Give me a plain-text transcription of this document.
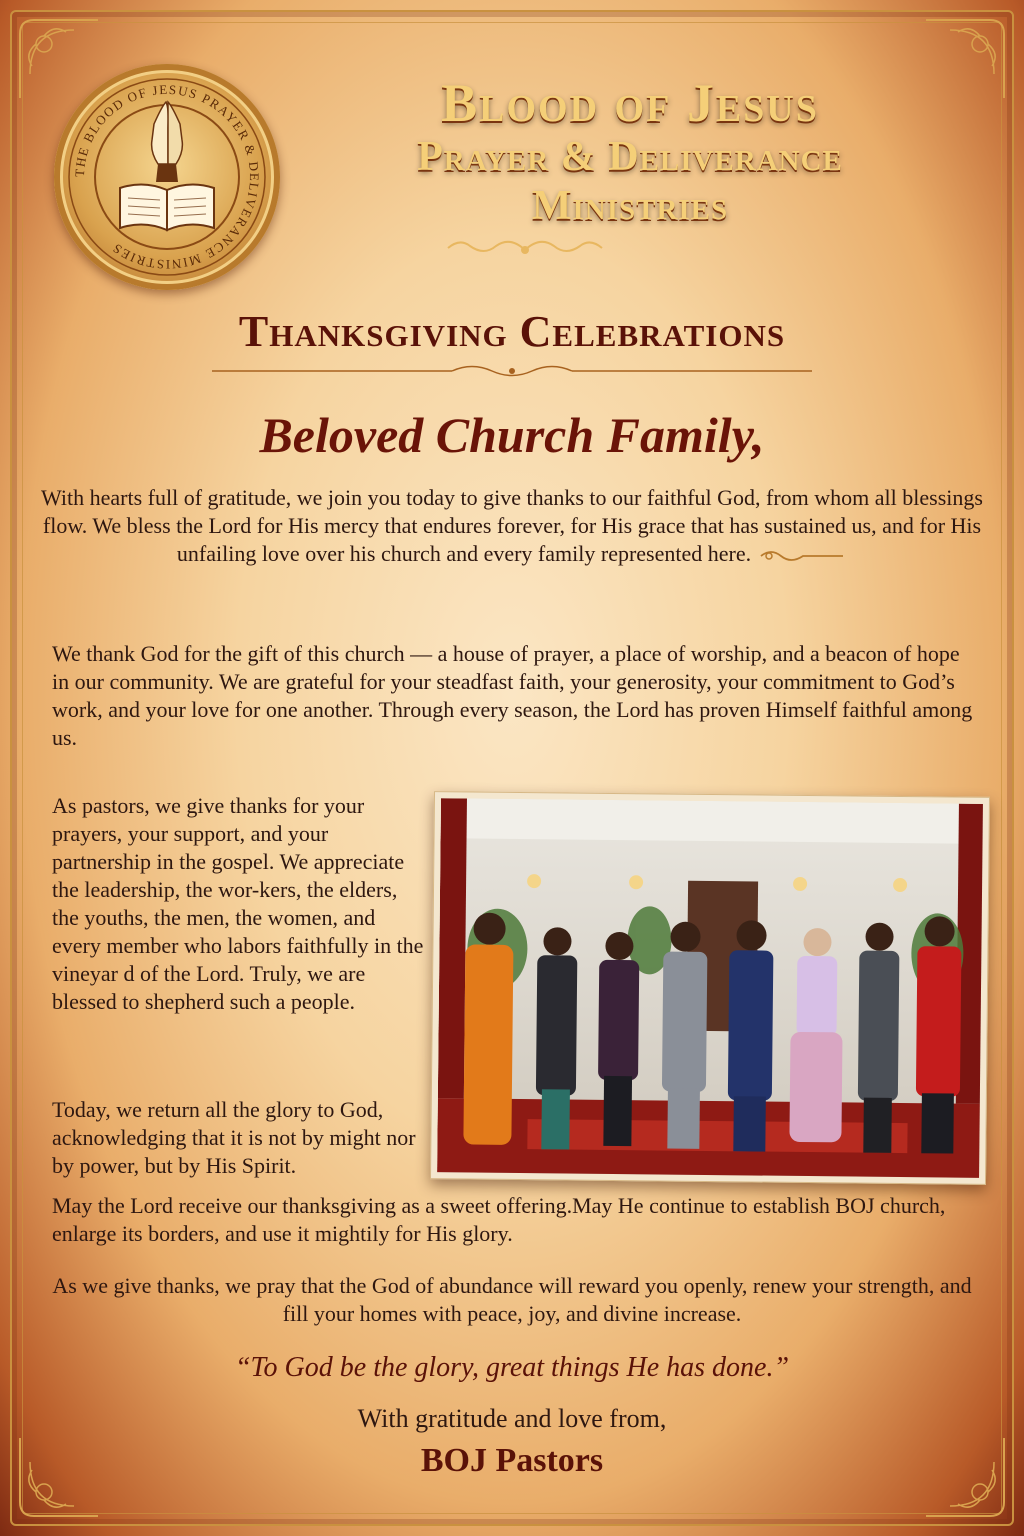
THE BLOOD OF JESUS PRAYER & DELIVERANCE MINISTRIES
Blood of Jesus
Prayer & Deliverance
Ministries
Thanksgiving Celebrations
Beloved Church Family,
With hearts full of gratitude, we join you today to give thanks to our faithful God, from whom all blessings flow. We bless the Lord for His mercy that endures forever, for His grace that has sustained us, and for His unfailing love over his church and every family represented here.
We thank God for the gift of this church — a house of prayer, a place of worship, and a beacon of hope in our community. We are grateful for your steadfast faith, your generosity, your commitment to God’s work, and your love for one another. Through every season, the Lord has proven Himself faithful among us.
As pastors, we give thanks for your prayers, your support, and your partnership in the gospel. We appreciate the leadership, the wor-kers, the elders, the youths, the men, the women, and every member who labors faithfully in the vineyar d of the Lord. Truly, we are blessed to shepherd such a people.
Today, we return all the glory to God, acknowledging that it is not by might nor by power, but by His Spirit.
May the Lord receive our thanksgiving as a sweet offering.May He continue to establish BOJ church, enlarge its borders, and use it mightily for His glory.
As we give thanks, we pray that the God of abundance will reward you openly, renew your strength, and fill your homes with peace, joy, and divine increase.
“To God be the glory, great things He has done.”
With gratitude and love from,
BOJ Pastors
